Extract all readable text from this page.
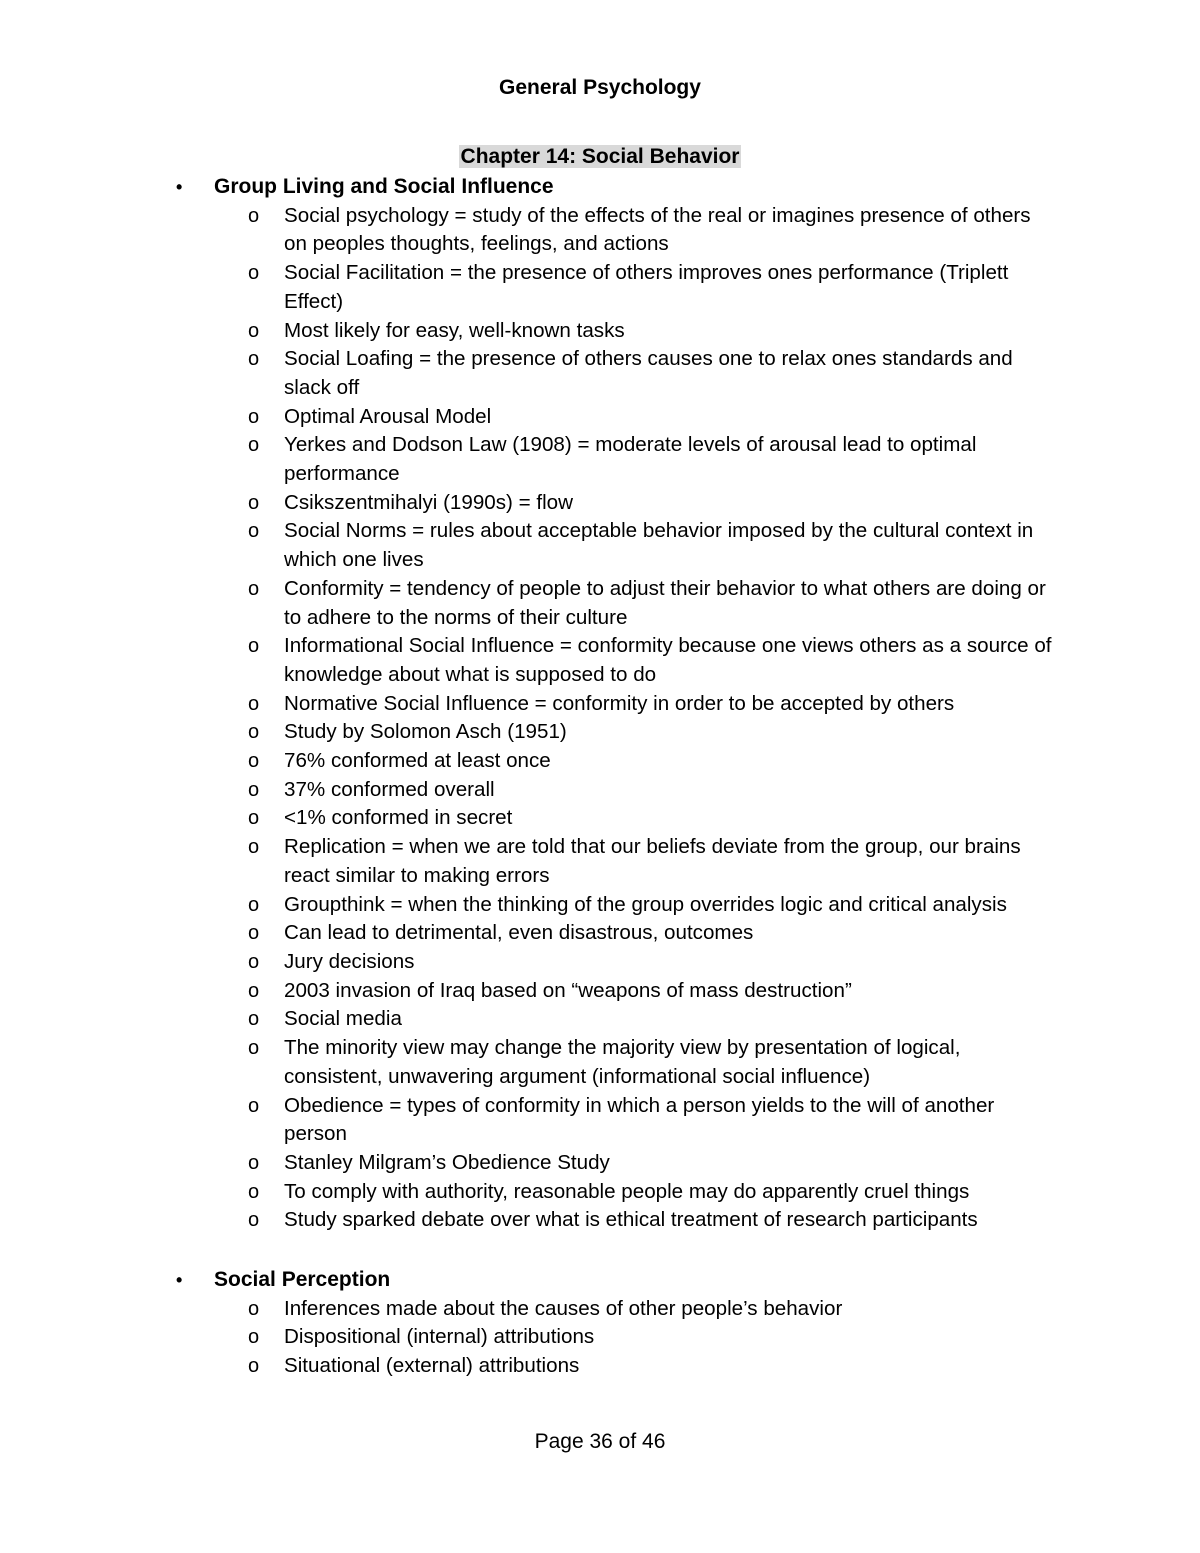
General Psychology
Chapter 14: Social Behavior
• Group Living and Social Influence
o Social psychology = study of the effects of the real or imagines presence of others on peoples thoughts, feelings, and actions
o Social Facilitation = the presence of others improves ones performance (Triplett Effect)
o Most likely for easy, well-known tasks
o Social Loafing = the presence of others causes one to relax ones standards and slack off
o Optimal Arousal Model
o Yerkes and Dodson Law (1908) = moderate levels of arousal lead to optimal performance
o Csikszentmihalyi (1990s) = flow
o Social Norms = rules about acceptable behavior imposed by the cultural context in which one lives
o Conformity = tendency of people to adjust their behavior to what others are doing or to adhere to the norms of their culture
o Informational Social Influence = conformity because one views others as a source of knowledge about what is supposed to do
o Normative Social Influence = conformity in order to be accepted by others
o Study by Solomon Asch (1951)
o 76% conformed at least once
o 37% conformed overall
o <1% conformed in secret
o Replication = when we are told that our beliefs deviate from the group, our brains react similar to making errors
o Groupthink = when the thinking of the group overrides logic and critical analysis
o Can lead to detrimental, even disastrous, outcomes
o Jury decisions
o 2003 invasion of Iraq based on “weapons of mass destruction”
o Social media
o The minority view may change the majority view by presentation of logical, consistent, unwavering argument (informational social influence)
o Obedience = types of conformity in which a person yields to the will of another person
o Stanley Milgram’s Obedience Study
o To comply with authority, reasonable people may do apparently cruel things
o Study sparked debate over what is ethical treatment of research participants
• Social Perception
o Inferences made about the causes of other people’s behavior
o Dispositional (internal) attributions
o Situational (external) attributions
Page 36 of 46
